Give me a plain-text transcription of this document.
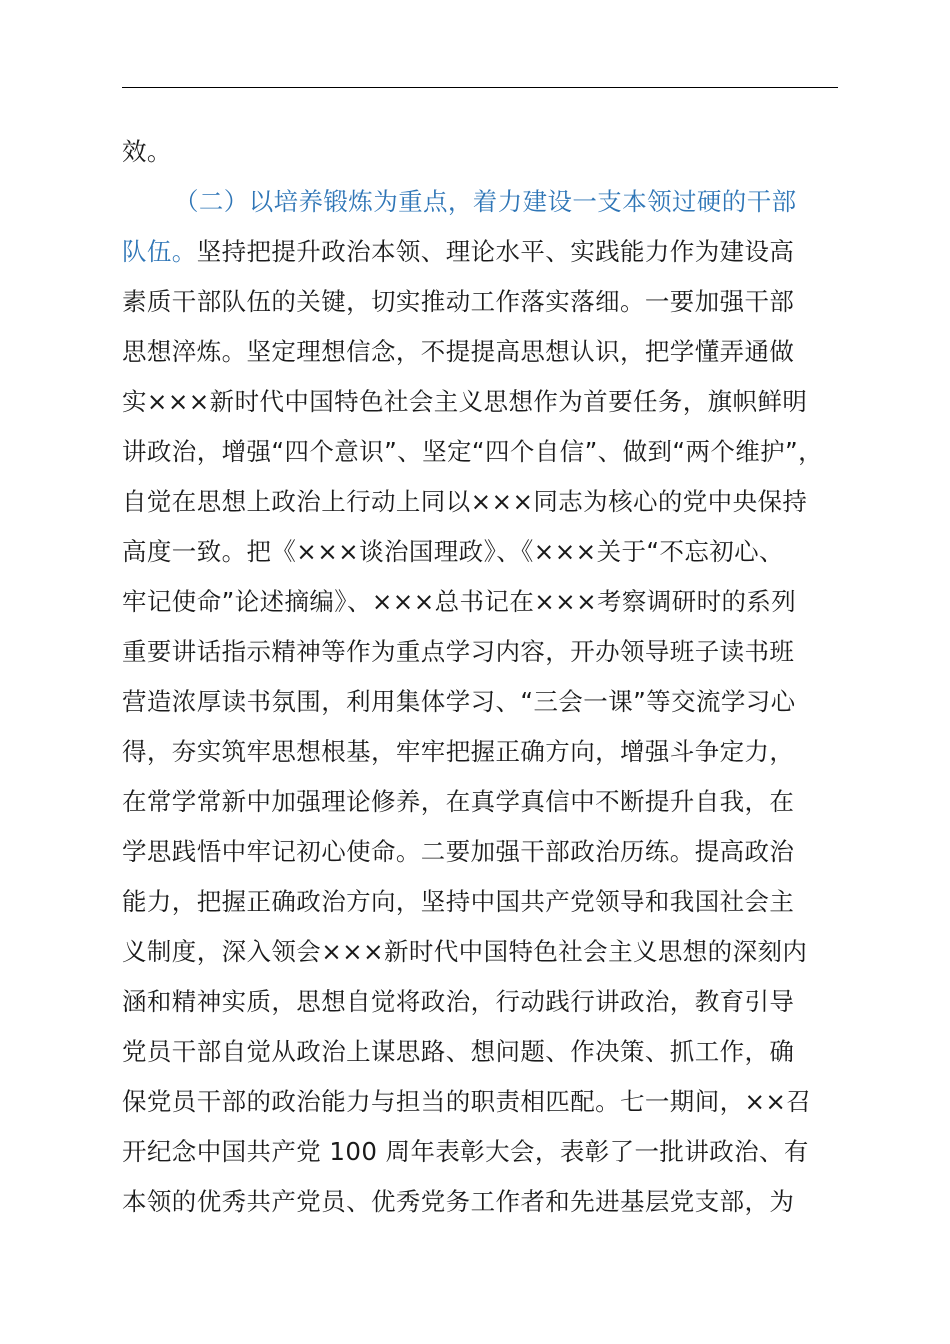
效。
（二）以培养锻炼为重点，着力建设一支本领过硬的干部
队伍。坚持把提升政治本领、理论水平、实践能力作为建设高
素质干部队伍的关键，切实推动工作落实落细。一要加强干部
思想淬炼。坚定理想信念，不提提高思想认识，把学懂弄通做
实×××新时代中国特色社会主义思想作为首要任务，旗帜鲜明
讲政治，增强“四个意识”、坚定“四个自信”、做到“两个维护”，
自觉在思想上政治上行动上同以×××同志为核心的党中央保持
高度一致。把《×××谈治国理政》、《×××关于“不忘初心、
牢记使命”论述摘编》、×××总书记在×××考察调研时的系列
重要讲话指示精神等作为重点学习内容，开办领导班子读书班
营造浓厚读书氛围，利用集体学习、“三会一课”等交流学习心
得，夯实筑牢思想根基，牢牢把握正确方向，增强斗争定力，
在常学常新中加强理论修养，在真学真信中不断提升自我，在
学思践悟中牢记初心使命。二要加强干部政治历练。提高政治
能力，把握正确政治方向，坚持中国共产党领导和我国社会主
义制度，深入领会×××新时代中国特色社会主义思想的深刻内
涵和精神实质，思想自觉将政治，行动践行讲政治，教育引导
党员干部自觉从政治上谋思路、想问题、作决策、抓工作，确
保党员干部的政治能力与担当的职责相匹配。七一期间，××召
开纪念中国共产党 100 周年表彰大会，表彰了一批讲政治、有
本领的优秀共产党员、优秀党务工作者和先进基层党支部，为
